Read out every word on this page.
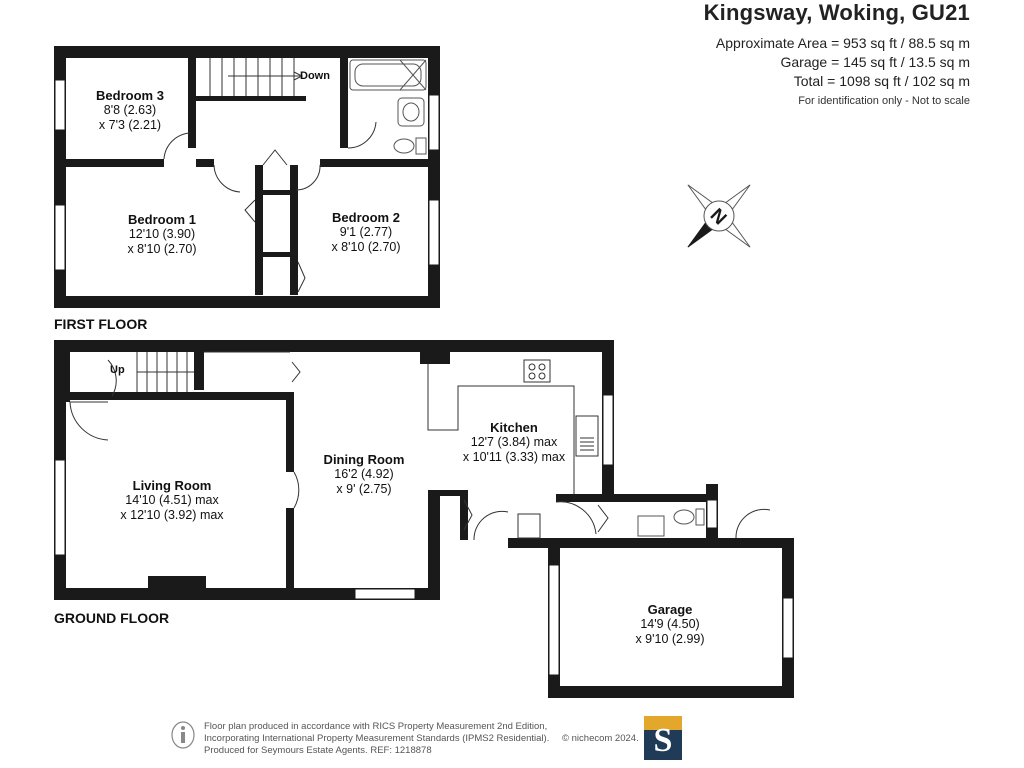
Kingsway, Woking, GU21
Approximate Area = 953 sq ft / 88.5 sq m
Garage = 145 sq ft / 13.5 sq m
Total = 1098 sq ft / 102 sq m
For identification only - Not to scale
N
Down
Bedroom 3
8'8 (2.63)
x 7'3 (2.21)
Bedroom 1
12'10 (3.90)
x 8'10 (2.70)
Bedroom 2
9'1 (2.77)
x 8'10 (2.70)
FIRST FLOOR
Up
Living Room
14'10 (4.51) max
x 12'10 (3.92) max
Dining Room
16'2 (4.92)
x 9' (2.75)
Kitchen
12'7 (3.84) max
x 10'11 (3.33) max
Garage
14'9 (4.50)
x 9'10 (2.99)
GROUND FLOOR
Floor plan produced in accordance with RICS Property Measurement 2nd Edition,
Incorporating International Property Measurement Standards (IPMS2 Residential).
Produced for Seymours Estate Agents. REF: 1218878
© nichecom 2024. S
